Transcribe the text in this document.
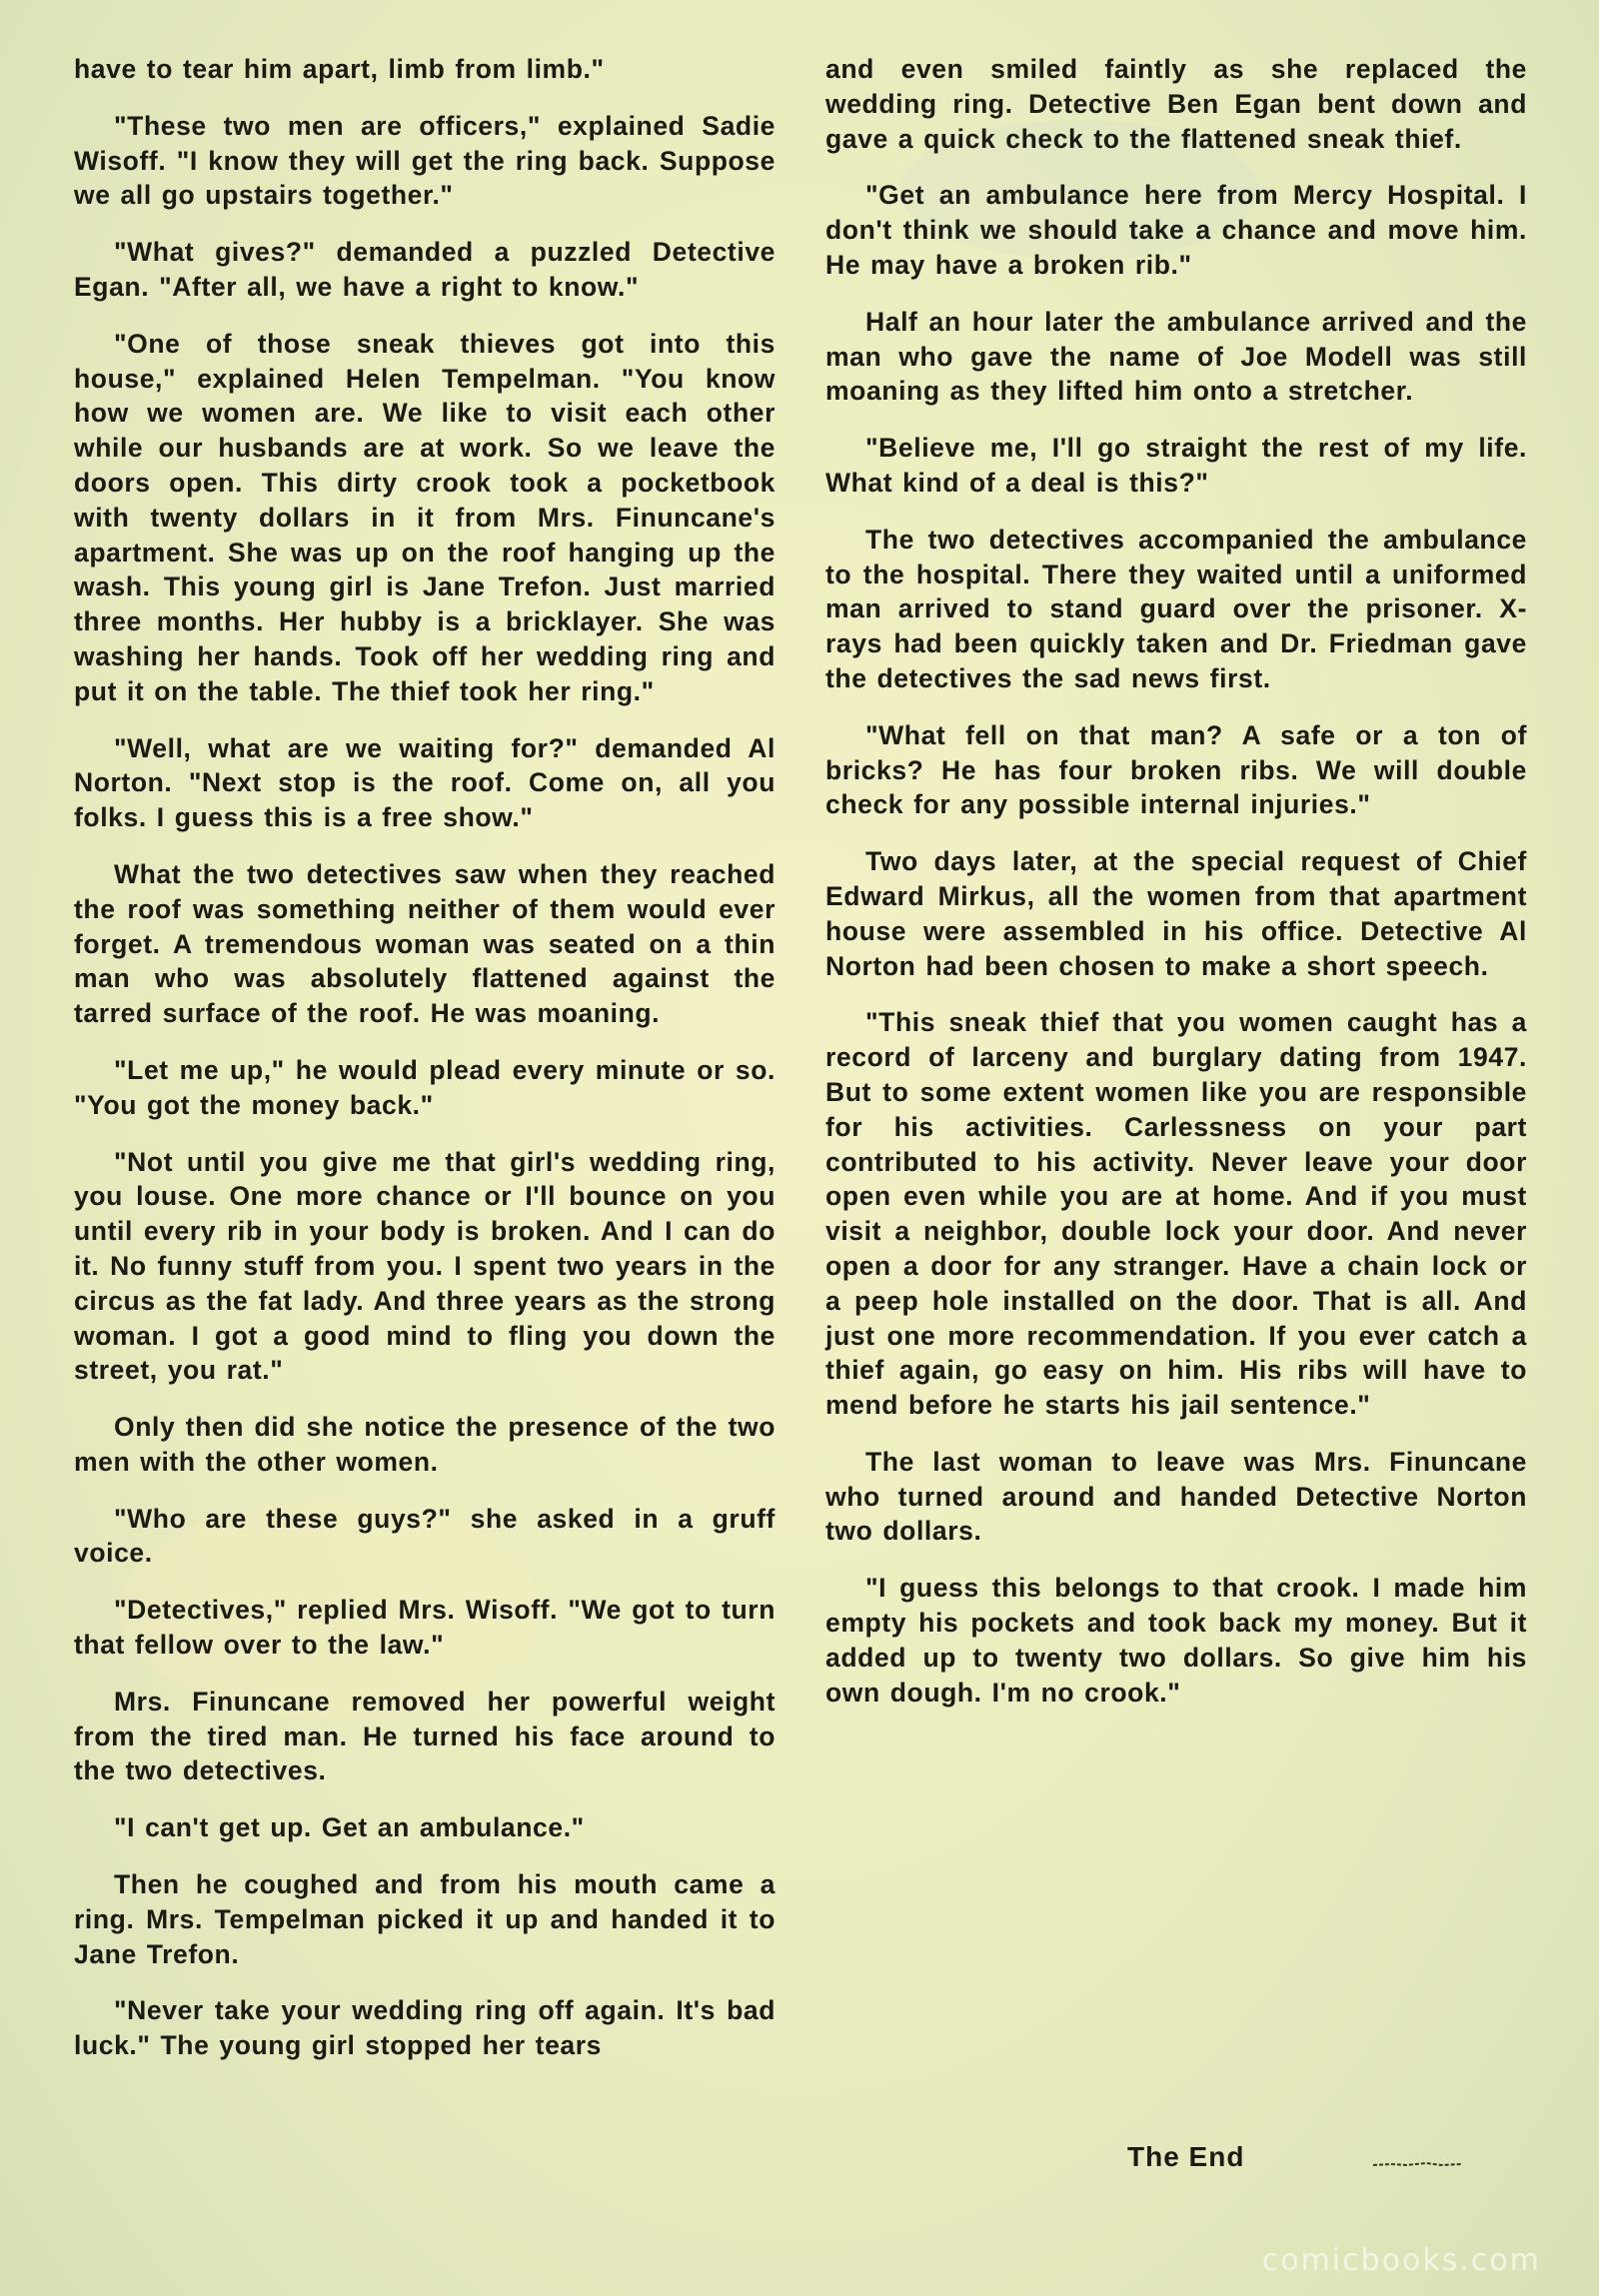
have to tear him apart, limb from limb."

"These two men are officers," explained Sadie Wisoff. "I know they will get the ring back. Suppose we all go upstairs together."

"What gives?" demanded a puzzled Detective Egan. "After all, we have a right to know."

"One of those sneak thieves got into this house," explained Helen Tempelman. "You know how we women are. We like to visit each other while our husbands are at work. So we leave the doors open. This dirty crook took a pocketbook with twenty dollars in it from Mrs. Finuncane's apartment. She was up on the roof hanging up the wash. This young girl is Jane Trefon. Just married three months. Her hubby is a bricklayer. She was washing her hands. Took off her wedding ring and put it on the table. The thief took her ring."

"Well, what are we waiting for?" demanded Al Norton. "Next stop is the roof. Come on, all you folks. I guess this is a free show."

What the two detectives saw when they reached the roof was something neither of them would ever forget. A tremendous woman was seated on a thin man who was absolutely flattened against the tarred surface of the roof. He was moaning.

"Let me up," he would plead every minute or so. "You got the money back."

"Not until you give me that girl's wedding ring, you louse. One more chance or I'll bounce on you until every rib in your body is broken. And I can do it. No funny stuff from you. I spent two years in the circus as the fat lady. And three years as the strong woman. I got a good mind to fling you down the street, you rat."

Only then did she notice the presence of the two men with the other women.

"Who are these guys?" she asked in a gruff voice.

"Detectives," replied Mrs. Wisoff. "We got to turn that fellow over to the law."

Mrs. Finuncane removed her powerful weight from the tired man. He turned his face around to the two detectives.

"I can't get up. Get an ambulance."

Then he coughed and from his mouth came a ring. Mrs. Tempelman picked it up and handed it to Jane Trefon.

"Never take your wedding ring off again. It's bad luck." The young girl stopped her tears

and even smiled faintly as she replaced the wedding ring. Detective Ben Egan bent down and gave a quick check to the flattened sneak thief.

"Get an ambulance here from Mercy Hospital. I don't think we should take a chance and move him. He may have a broken rib."

Half an hour later the ambulance arrived and the man who gave the name of Joe Modell was still moaning as they lifted him onto a stretcher.

"Believe me, I'll go straight the rest of my life. What kind of a deal is this?"

The two detectives accompanied the ambulance to the hospital. There they waited until a uniformed man arrived to stand guard over the prisoner. X-rays had been quickly taken and Dr. Friedman gave the detectives the sad news first.

"What fell on that man? A safe or a ton of bricks? He has four broken ribs. We will double check for any possible internal injuries."

Two days later, at the special request of Chief Edward Mirkus, all the women from that apartment house were assembled in his office. Detective Al Norton had been chosen to make a short speech.

"This sneak thief that you women caught has a record of larceny and burglary dating from 1947. But to some extent women like you are responsible for his activities. Carlessness on your part contributed to his activity. Never leave your door open even while you are at home. And if you must visit a neighbor, double lock your door. And never open a door for any stranger. Have a chain lock or a peep hole installed on the door. That is all. And just one more recommendation. If you ever catch a thief again, go easy on him. His ribs will have to mend before he starts his jail sentence."

The last woman to leave was Mrs. Finuncane who turned around and handed Detective Norton two dollars.

"I guess this belongs to that crook. I made him empty his pockets and took back my money. But it added up to twenty two dollars. So give him his own dough. I'm no crook."

The End
comicbooks.com
